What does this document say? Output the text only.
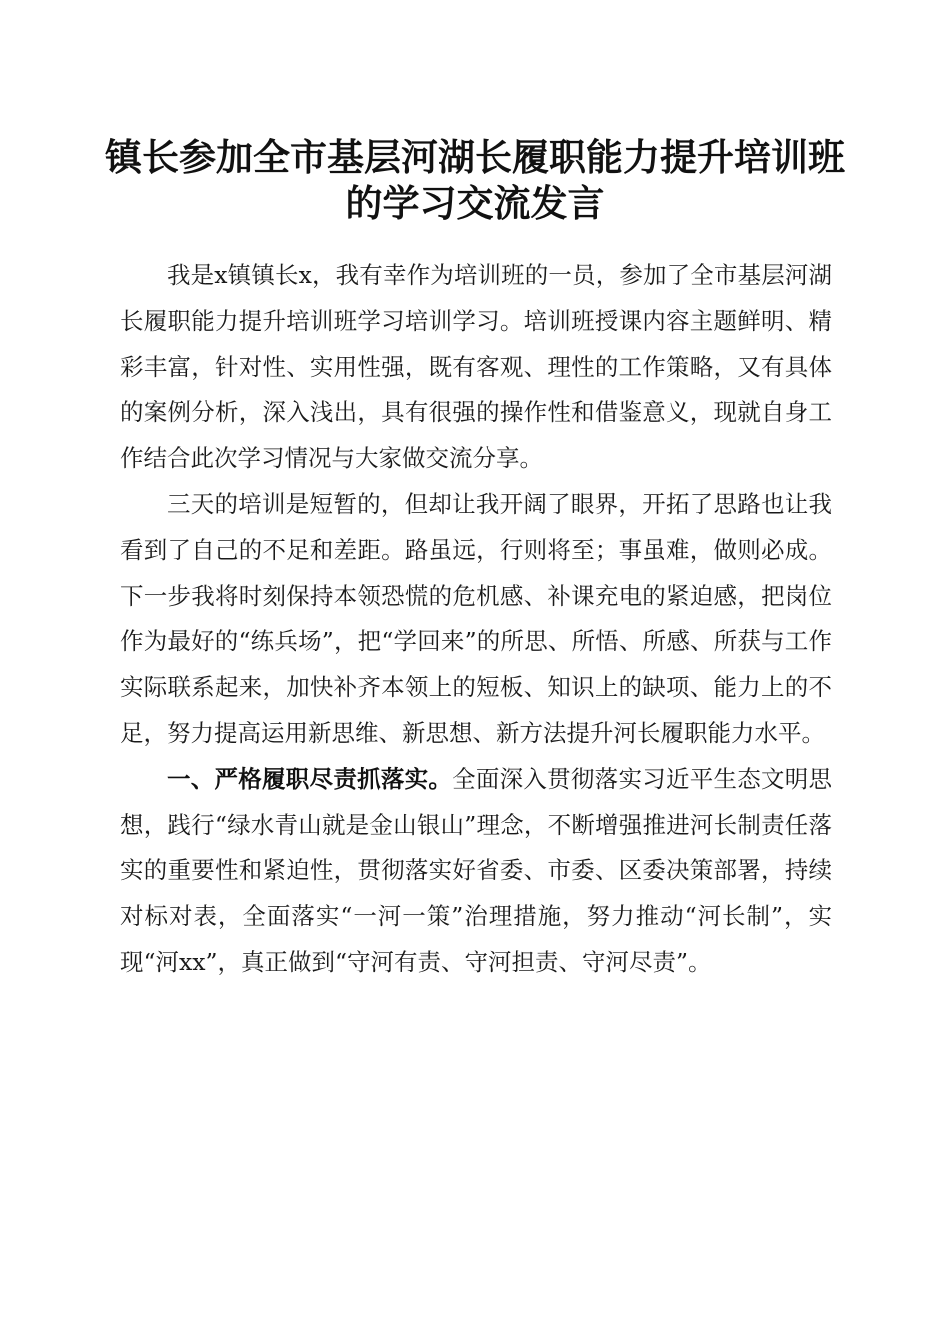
镇长参加全市基层河湖长履职能力提升培训班
的学习交流发言

我是x镇镇长x，我有幸作为培训班的一员，参加了全市基层河湖长履职能力提升培训班学习培训学习。培训班授课内容主题鲜明、精彩丰富，针对性、实用性强，既有客观、理性的工作策略，又有具体的案例分析，深入浅出，具有很强的操作性和借鉴意义，现就自身工作结合此次学习情况与大家做交流分享。

三天的培训是短暂的，但却让我开阔了眼界，开拓了思路也让我看到了自己的不足和差距。路虽远，行则将至；事虽难，做则必成。下一步我将时刻保持本领恐慌的危机感、补课充电的紧迫感，把岗位作为最好的“练兵场”，把“学回来”的所思、所悟、所感、所获与工作实际联系起来，加快补齐本领上的短板、知识上的缺项、能力上的不足，努力提高运用新思维、新思想、新方法提升河长履职能力水平。

一、严格履职尽责抓落实。全面深入贯彻落实习近平生态文明思想，践行“绿水青山就是金山银山”理念，不断增强推进河长制责任落实的重要性和紧迫性，贯彻落实好省委、市委、区委决策部署，持续对标对表，全面落实“一河一策”治理措施，努力推动“河长制”，实现“河xx”，真正做到“守河有责、守河担责、守河尽责”。
